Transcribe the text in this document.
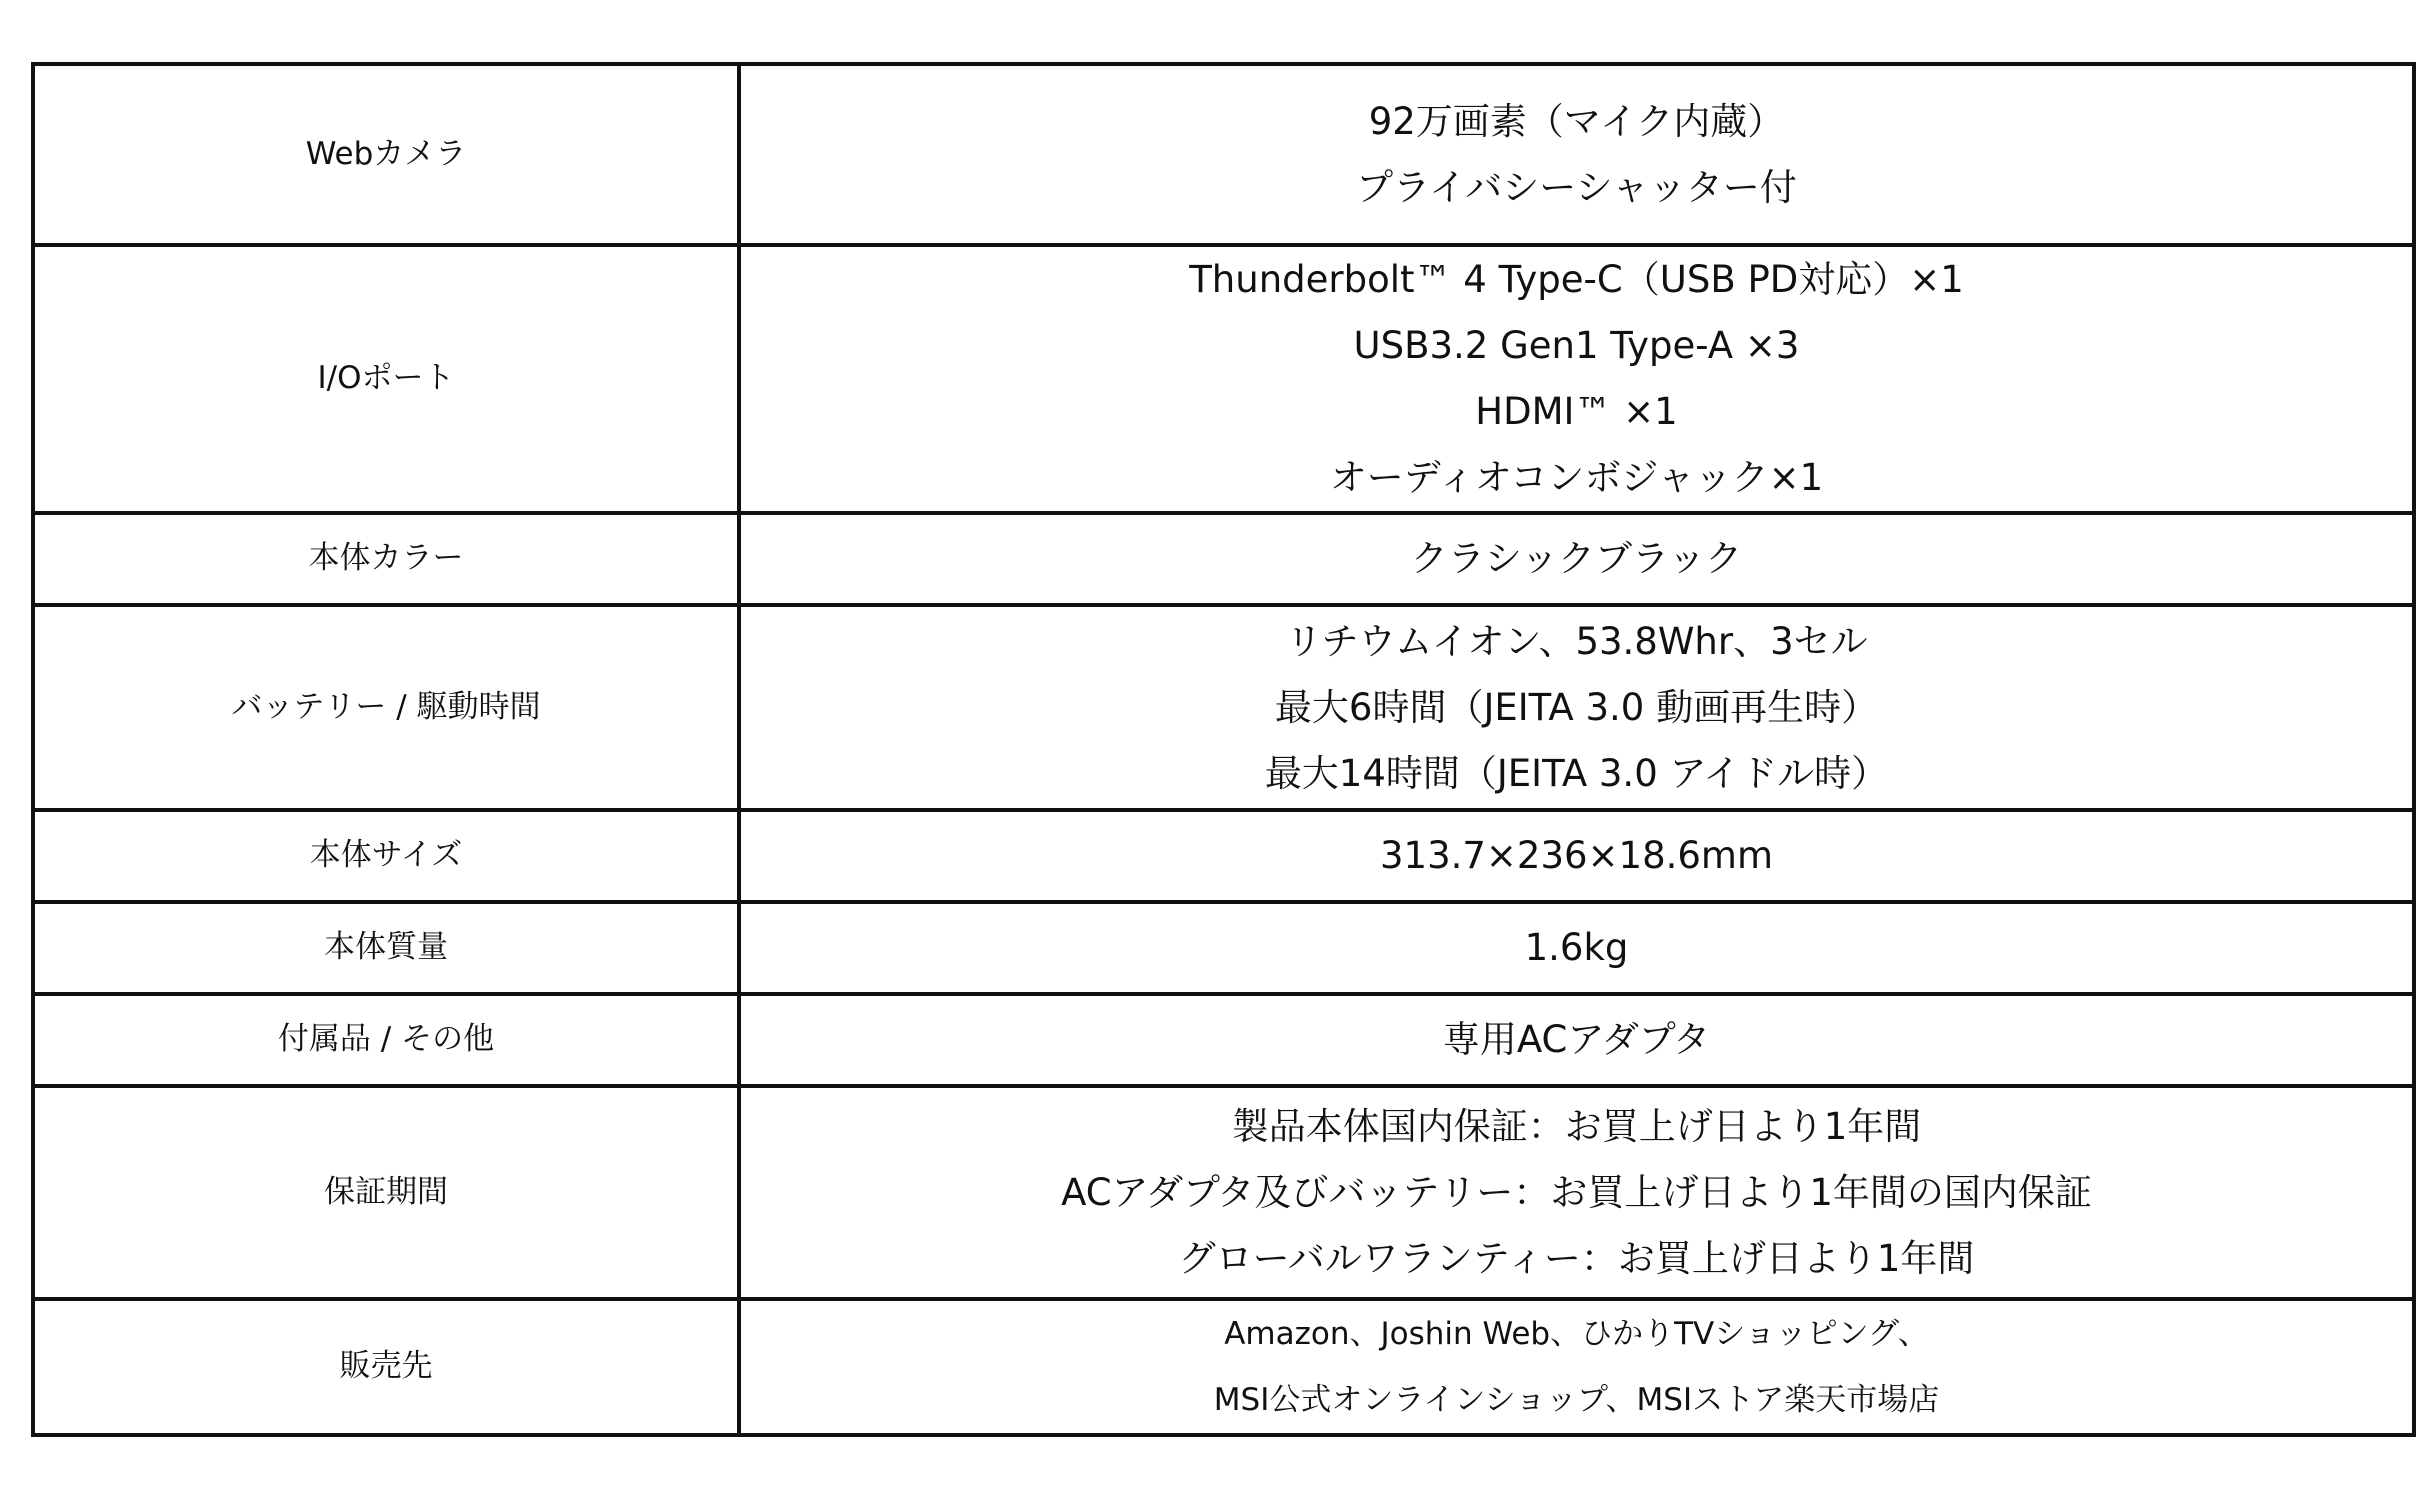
Webカメラ	92万画素（マイク内蔵）
プライバシーシャッター付

I/Oポート	Thunderbolt™ 4 Type-C（USB PD対応）×1
USB3.2 Gen1 Type-A ×3
HDMI™ ×1
オーディオコンボジャック×1

本体カラー	クラシックブラック

バッテリー / 駆動時間	リチウムイオン、53.8Whr、3セル
最大6時間（JEITA 3.0 動画再生時）
最大14時間（JEITA 3.0 アイドル時）

本体サイズ	313.7×236×18.6mm

本体質量	1.6kg

付属品 / その他	専用ACアダプタ

保証期間	製品本体国内保証：お買上げ日より1年間
ACアダプタ及びバッテリー：お買上げ日より1年間の国内保証
グローバルワランティー：お買上げ日より1年間

販売先	Amazon、Joshin Web、ひかりTVショッピング、
MSI公式オンラインショップ、MSIストア楽天市場店
